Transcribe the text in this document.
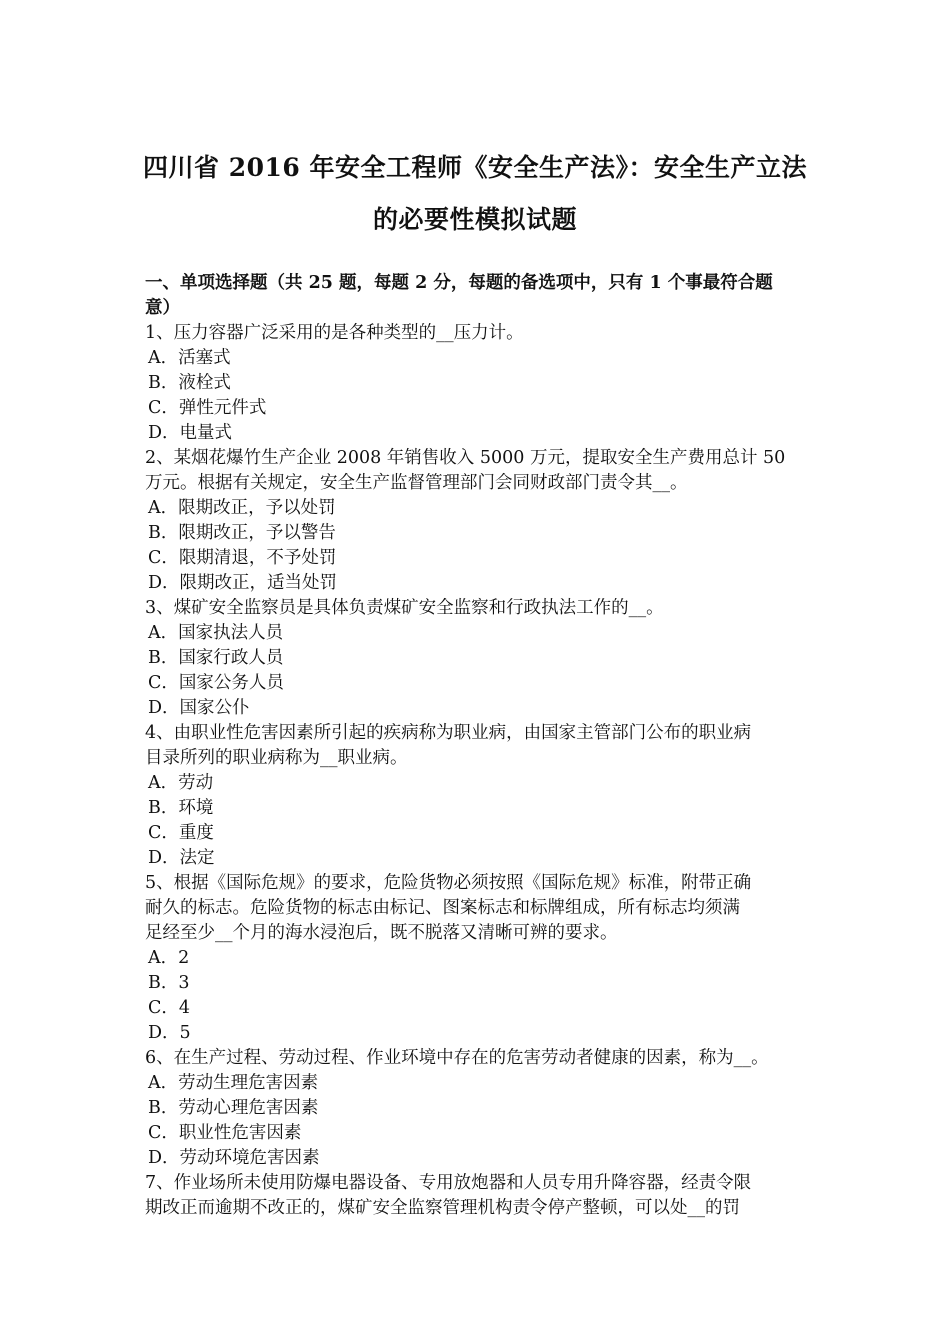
四川省 2016 年安全工程师《安全生产法》：安全生产立法
的必要性模拟试题
一、单项选择题（共 25 题，每题 2 分，每题的备选项中，只有 1 个事最符合题
意）
1、压力容器广泛采用的是各种类型的__压力计。
A．活塞式
B．液栓式
C．弹性元件式
D．电量式
2、某烟花爆竹生产企业 2008 年销售收入 5000 万元，提取安全生产费用总计 50
万元。根据有关规定，安全生产监督管理部门会同财政部门责令其__。
A．限期改正，予以处罚
B．限期改正，予以警告
C．限期清退，不予处罚
D．限期改正，适当处罚
3、煤矿安全监察员是具体负责煤矿安全监察和行政执法工作的__。
A．国家执法人员
B．国家行政人员
C．国家公务人员
D．国家公仆
4、由职业性危害因素所引起的疾病称为职业病，由国家主管部门公布的职业病
目录所列的职业病称为__职业病。
A．劳动
B．环境
C．重度
D．法定
5、根据《国际危规》的要求，危险货物必须按照《国际危规》标准，附带正确
耐久的标志。危险货物的标志由标记、图案标志和标牌组成，所有标志均须满
足经至少__个月的海水浸泡后，既不脱落又清晰可辨的要求。
A．2
B．3
C．4
D．5
6、在生产过程、劳动过程、作业环境中存在的危害劳动者健康的因素，称为__。
A．劳动生理危害因素
B．劳动心理危害因素
C．职业性危害因素
D．劳动环境危害因素
7、作业场所未使用防爆电器设备、专用放炮器和人员专用升降容器，经责令限
期改正而逾期不改正的，煤矿安全监察管理机构责令停产整顿，可以处__的罚
